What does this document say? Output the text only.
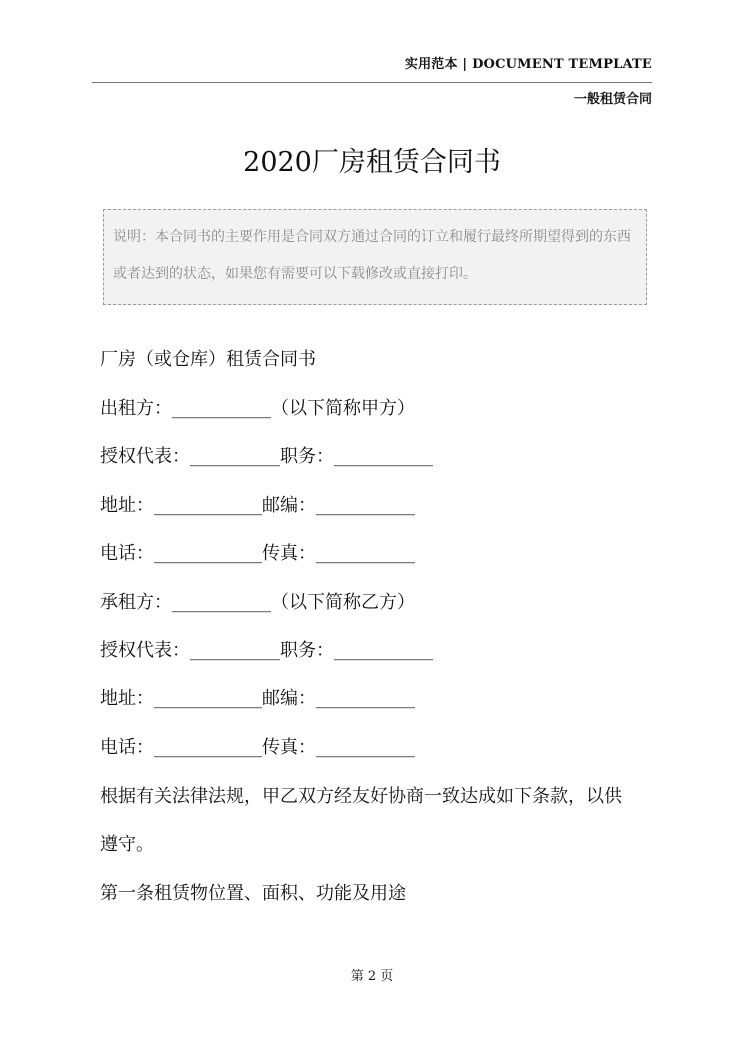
实用范本 | DOCUMENT TEMPLATE
一般租赁合同
2020厂房租赁合同书
说明：本合同书的主要作用是合同双方通过合同的订立和履行最终所期望得到的东西或者达到的状态，如果您有需要可以下载修改或直接打印。
厂房（或仓库）租赁合同书
出租方：___________（以下简称甲方）
授权代表：__________职务：___________
地址：____________邮编：___________
电话：____________传真：___________
承租方：___________（以下简称乙方）
授权代表：__________职务：___________
地址：____________邮编：___________
电话：____________传真：___________
根据有关法律法规，甲乙双方经友好协商一致达成如下条款，以供
遵守。
第一条租赁物位置、面积、功能及用途
第 2 页
